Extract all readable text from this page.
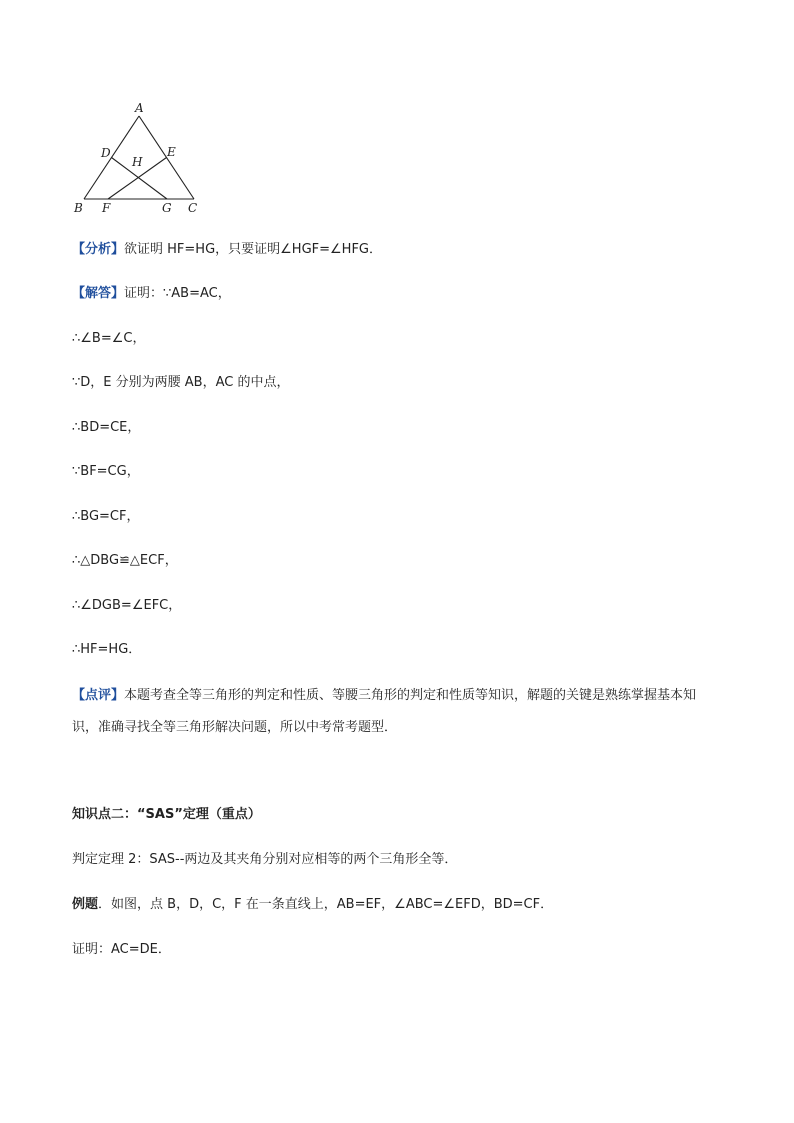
A
B	C
D	E
H
F	G
【分析】欲证明 HF=HG，只要证明∠HGF=∠HFG．
【解答】证明：∵AB=AC，
∴∠B=∠C，
∵D，E 分别为两腰 AB，AC 的中点，
∴BD=CE，
∵BF=CG，
∴BG=CF，
∴△DBG≌△ECF，
∴∠DGB=∠EFC，
∴HF=HG．
【点评】本题考查全等三角形的判定和性质、等腰三角形的判定和性质等知识，解题的关键是熟练掌握基本知识，准确寻找全等三角形解决问题，所以中考常考题型．
知识点二：“SAS”定理（重点）
判定定理 2：SAS--两边及其夹角分别对应相等的两个三角形全等．
例题．如图，点 B，D，C，F 在一条直线上，AB=EF，∠ABC=∠EFD，BD=CF．
证明：AC=DE．
